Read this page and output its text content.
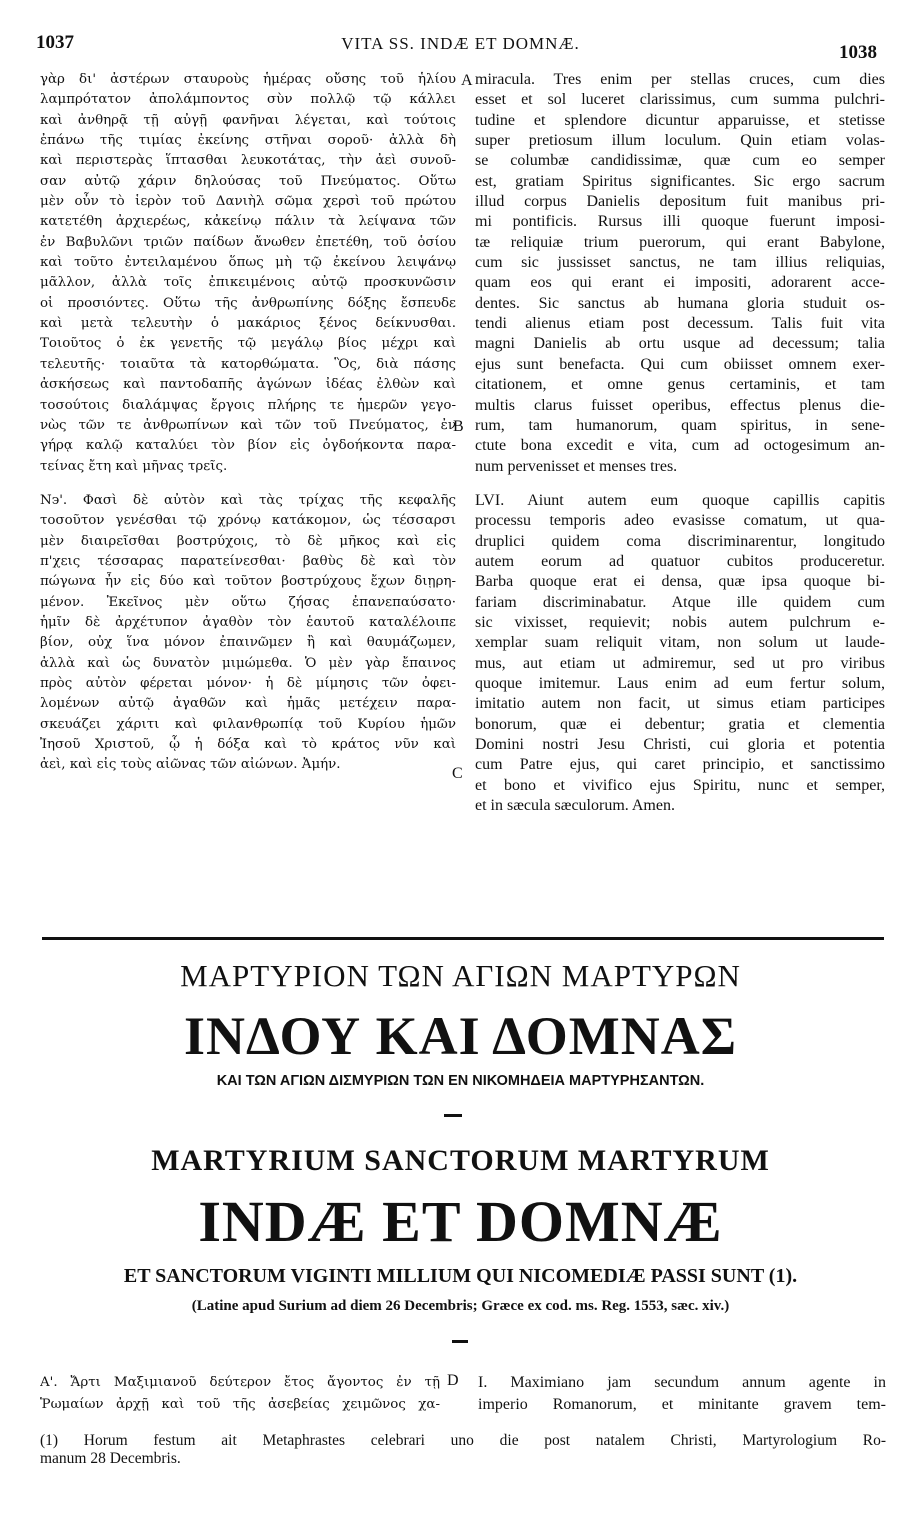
1037	VITA SS. INDÆ ET DOMNÆ.	1038
γὰρ δι' ἀστέρων σταυροὺς ἡμέρας οὔσης τοῦ ἡλίου
λαμπρότατον ἀπολάμποντος σὺν πολλῷ τῷ κάλλει
καὶ ἀνθηρᾷ τῇ αὐγῇ φανῆναι λέγεται, καὶ τούτοις
ἐπάνω τῆς τιμίας ἐκείνης στῆναι σοροῦ· ἀλλὰ δὴ
καὶ περιστερὰς ἵπτασθαι λευκοτάτας, τὴν ἀεὶ συνοῦ-
σαν αὐτῷ χάριν δηλούσας τοῦ Πνεύματος. Οὕτω
μὲν οὖν τὸ ἱερὸν τοῦ Δανιὴλ σῶμα χερσὶ τοῦ πρώτου
κατετέθη ἀρχιερέως, κἀκείνῳ πάλιν τὰ λείψανα τῶν
ἐν Βαβυλῶνι τριῶν παίδων ἄνωθεν ἐπετέθη, τοῦ ὁσίου
καὶ τοῦτο ἐντειλαμένου ὅπως μὴ τῷ ἐκείνου λειψάνῳ
μᾶλλον, ἀλλὰ τοῖς ἐπικειμένοις αὐτῷ προσκυνῶσιν
οἱ προσιόντες. Οὕτω τῆς ἀνθρωπίνης δόξης ἔσπευδε
καὶ μετὰ τελευτὴν ὁ μακάριος ξένος δείκνυσθαι.
Τοιοῦτος ὁ ἐκ γενετῆς τῷ μεγάλῳ βίος μέχρι καὶ
τελευτῆς· τοιαῦτα τὰ κατορθώματα. Ὃς, διὰ πάσης
ἀσκήσεως καὶ παντοδαπῆς ἀγώνων ἰδέας ἐλθὼν καὶ
τοσούτοις διαλάμψας ἔργοις πλήρης τε ἡμερῶν γεγο-
νὼς τῶν τε ἀνθρωπίνων καὶ τῶν τοῦ Πνεύματος, ἐν
γήρᾳ καλῷ καταλύει τὸν βίον εἰς ὀγδοήκοντα παρα-
τείνας ἔτη καὶ μῆνας τρεῖς.
Ν϶'. Φασὶ δὲ αὐτὸν καὶ τὰς τρίχας τῆς κεφαλῆς
τοσοῦτον γενέσθαι τῷ χρόνῳ κατάκομον, ὡς τέσσαρσι
μὲν διαιρεῖσθαι βοστρύχοις, τὸ δὲ μῆκος καὶ εἰς
π'χεις τέσσαρας παρατείνεσθαι· βαθὺς δὲ καὶ τὸν
πώγωνα ἦν εἰς δύο καὶ τοῦτον βοστρύχους ἔχων διῃρη-
μένον. Ἐκεῖνος μὲν οὕτω ζήσας ἐπανεπαύσατο·
ἡμῖν δὲ ἀρχέτυπον ἀγαθὸν τὸν ἑαυτοῦ καταλέλοιπε
βίον, οὐχ ἵνα μόνον ἐπαινῶμεν ἢ καὶ θαυμάζωμεν,
ἀλλὰ καὶ ὡς δυνατὸν μιμώμεθα. Ὁ μὲν γὰρ ἔπαινος
πρὸς αὐτὸν φέρεται μόνον· ἡ δὲ μίμησις τῶν ὀφει-
λομένων αὐτῷ ἀγαθῶν καὶ ἡμᾶς μετέχειν παρα-
σκευάζει χάριτι καὶ φιλανθρωπίᾳ τοῦ Κυρίου ἡμῶν
Ἰησοῦ Χριστοῦ, ᾧ ἡ δόξα καὶ τὸ κράτος νῦν καὶ
ἀεὶ, καὶ εἰς τοὺς αἰῶνας τῶν αἰώνων. Ἀμήν.
miracula. Tres enim per stellas cruces, cum dies
esset et sol luceret clarissimus, cum summa pulchri-
tudine et splendore dicuntur apparuisse, et stetisse
super pretiosum illum loculum. Quin etiam volas-
se columbæ candidissimæ, quæ cum eo semper
est, gratiam Spiritus significantes. Sic ergo sacrum
illud corpus Danielis depositum fuit manibus pri-
mi pontificis. Rursus illi quoque fuerunt imposi-
tæ reliquiæ trium puerorum, qui erant Babylone,
cum sic jussisset sanctus, ne tam illius reliquias,
quam eos qui erant ei impositi, adorarent acce-
dentes. Sic sanctus ab humana gloria studuit os-
tendi alienus etiam post decessum. Talis fuit vita
magni Danielis ab ortu usque ad decessum; talia
ejus sunt benefacta. Qui cum obiisset omnem exer-
citationem, et omne genus certaminis, et tam
multis clarus fuisset operibus, effectus plenus die-
rum, tam humanorum, quam spiritus, in sene-
ctute bona excedit e vita, cum ad octogesimum an-
num pervenisset et menses tres.
LVI. Aiunt autem eum quoque capillis capitis
processu temporis adeo evasisse comatum, ut qua-
druplici quidem coma discriminarentur, longitudo
autem eorum ad quatuor cubitos produceretur.
Barba quoque erat ei densa, quæ ipsa quoque bi-
fariam discriminabatur. Atque ille quidem cum
sic vixisset, requievit; nobis autem pulchrum e-
xemplar suam reliquit vitam, non solum ut laude-
mus, aut etiam ut admiremur, sed ut pro viribus
quoque imitemur. Laus enim ad eum fertur solum,
imitatio autem non facit, ut simus etiam participes
bonorum, quæ ei debentur; gratia et clementia
Domini nostri Jesu Christi, cui gloria et potentia
cum Patre ejus, qui caret principio, et sanctissimo
et bono et vivifico ejus Spiritu, nunc et semper,
et in sæcula sæculorum. Amen.
A
B
C
D
ΜΑΡΤΥΡΙΟΝ ΤΩΝ ΑΓΙΩΝ ΜΑΡΤΥΡΩΝ
ΙΝΔΟΥ ΚΑΙ ΔΟΜΝΑΣ
ΚΑΙ ΤΩΝ ΑΓΙΩΝ ΔΙΣΜΥΡΙΩΝ ΤΩΝ ΕΝ ΝΙΚΟΜΗΔΕΙΑ ΜΑΡΤΥΡΗΣΑΝΤΩΝ.
MARTYRIUM SANCTORUM MARTYRUM
INDÆ ET DOMNÆ
ET SANCTORUM VIGINTI MILLIUM QUI NICOMEDIÆ PASSI SUNT (1).
(Latine apud Surium ad diem 26 Decembris; Græce ex cod. ms. Reg. 1553, sæc. xiv.)
Α'. Ἄρτι Μαξιμιανοῦ δεύτερον ἔτος ἄγοντος ἐν τῇ
Ῥωμαίων ἀρχῇ καὶ τοῦ τῆς ἀσεβείας χειμῶνος χα-
I. Maximiano jam secundum annum agente in
imperio Romanorum, et minitante gravem tem-
(1) Horum festum ait Metaphrastes celebrari uno die post natalem Christi, Martyrologium Ro-
manum 28 Decembris.
